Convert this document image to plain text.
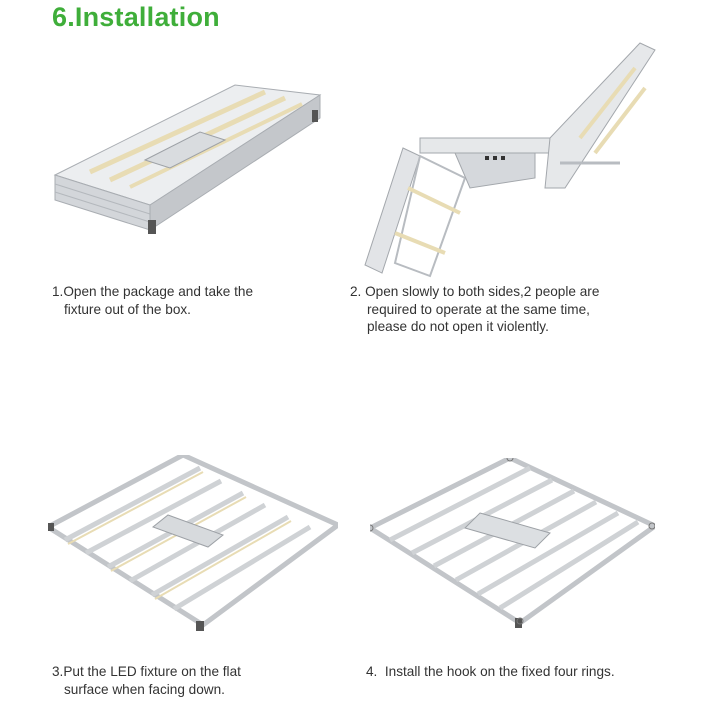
6.Installation
1.Open the package and take the
fixture out of the box.
2. Open slowly to both sides,2 people are
required to operate at the same time,
please do not open it violently.
3.Put the LED fixture on the flat
surface when facing down.
4.  Install the hook on the fixed four rings.
